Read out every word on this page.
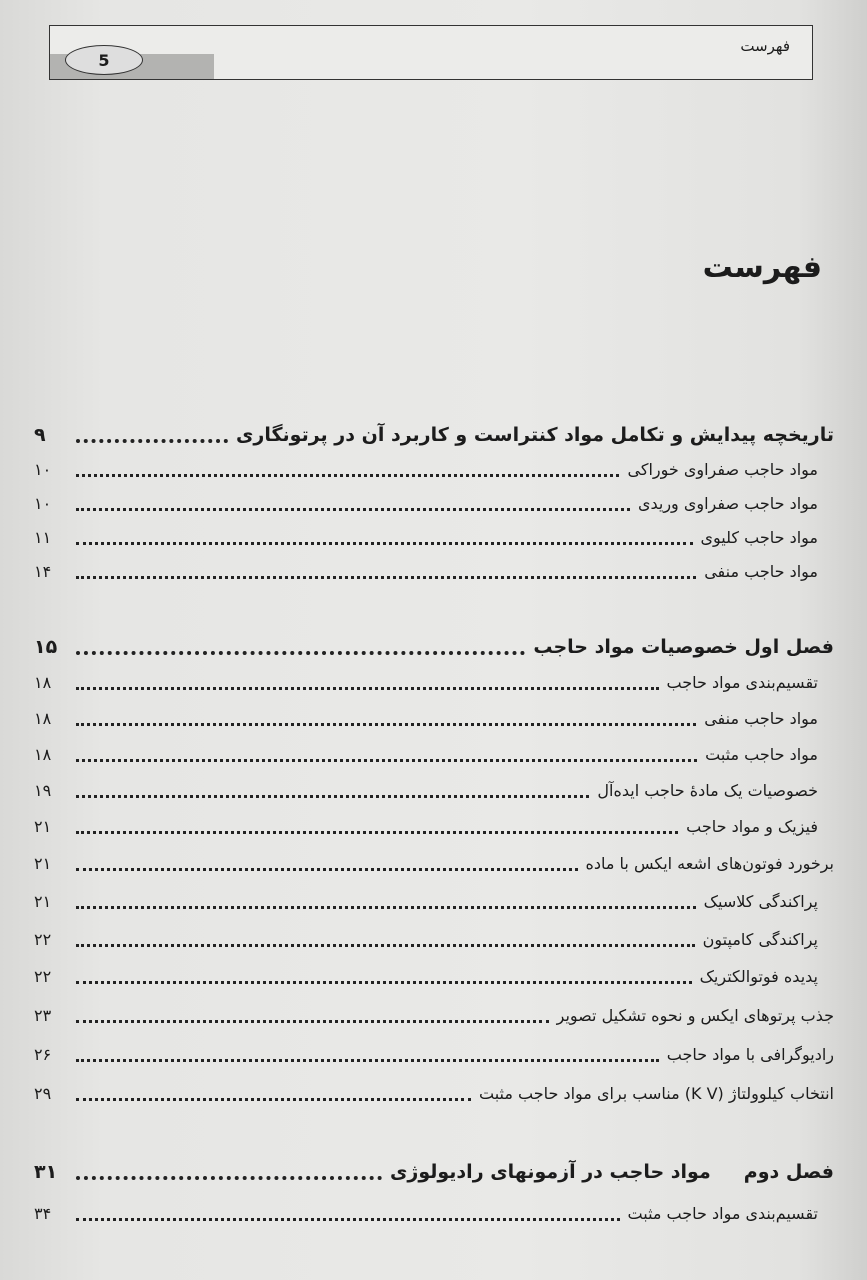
5
فهرست
فهرست
تاریخچه پیدایش و تکامل مواد کنتراست و کاربرد آن در پرتونگاری
۹
مواد حاجب صفراوی خوراکی
۱۰
مواد حاجب صفراوی وریدی
۱۰
مواد حاجب کلیوی
۱۱
مواد حاجب منفی
۱۴
فصل اول خصوصیات مواد حاجب
۱۵
تقسیم‌بندی مواد حاجب
۱۸
مواد حاجب منفی
۱۸
مواد حاجب مثبت
۱۸
خصوصیات یک مادهٔ حاجب ایده‌آل
۱۹
فیزیک و مواد حاجب
۲۱
برخورد فوتون‌های اشعه ایکس با ماده
۲۱
پراکندگی کلاسیک
۲۱
پراکندگی کامپتون
۲۲
پدیده فوتوالکتریک
۲۲
جذب پرتوهای ایکس و نحوه تشکیل تصویر
۲۳
رادیوگرافی با مواد حاجب
۲۶
انتخاب کیلوولتاژ (K V) مناسب برای مواد حاجب مثبت
۲۹
فصل دوم     مواد حاجب در آزمونهای رادیولوژی
۳۱
تقسیم‌بندی مواد حاجب مثبت
۳۴
